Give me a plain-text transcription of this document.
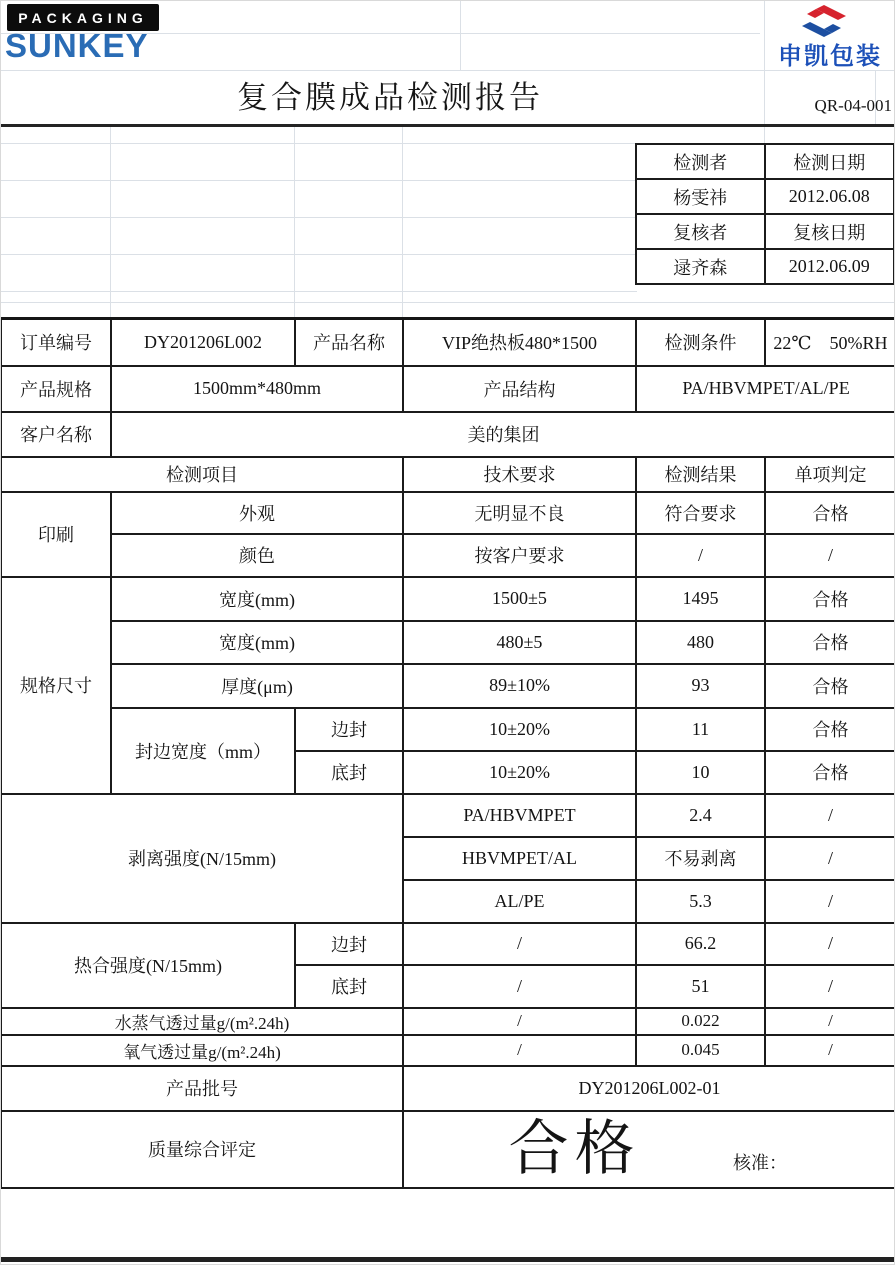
PACKAGING
SUNKEY	申凯包装
复合膜成品检测报告	QR-04-001
检测者	检测日期
杨雯祎	2012.06.08
复核者	复核日期
逯齐森	2012.06.09
订单编号	DY201206L002	产品名称	VIP绝热板480*1500	检测条件	22℃　50%RH
产品规格	1500mm*480mm		产品结构	PA/HBVMPET/AL/PE	
客户名称	美的集团				
检测项目			技术要求	检测结果	单项判定
印刷	外观		无明显不良	符合要求	合格
	颜色		按客户要求	/	/
规格尺寸	宽度(mm)		1500±5	1495	合格
	宽度(mm)		480±5	480	合格
	厚度(μm)		89±10%	93	合格
	封边宽度（mm）	边封	10±20%	11	合格
		底封	10±20%	10	合格
剥离强度(N/15mm)			PA/HBVMPET	2.4	/
			HBVMPET/AL	不易剥离	/
			AL/PE	5.3	/
热合强度(N/15mm)		边封	/	66.2	/
		底封	/	51	/
水蒸气透过量g/(m².24h)			/	0.022	/
氧气透过量g/(m².24h)			/	0.045	/
产品批号			DY201206L002-01		
质量综合评定			合格 核准：		
